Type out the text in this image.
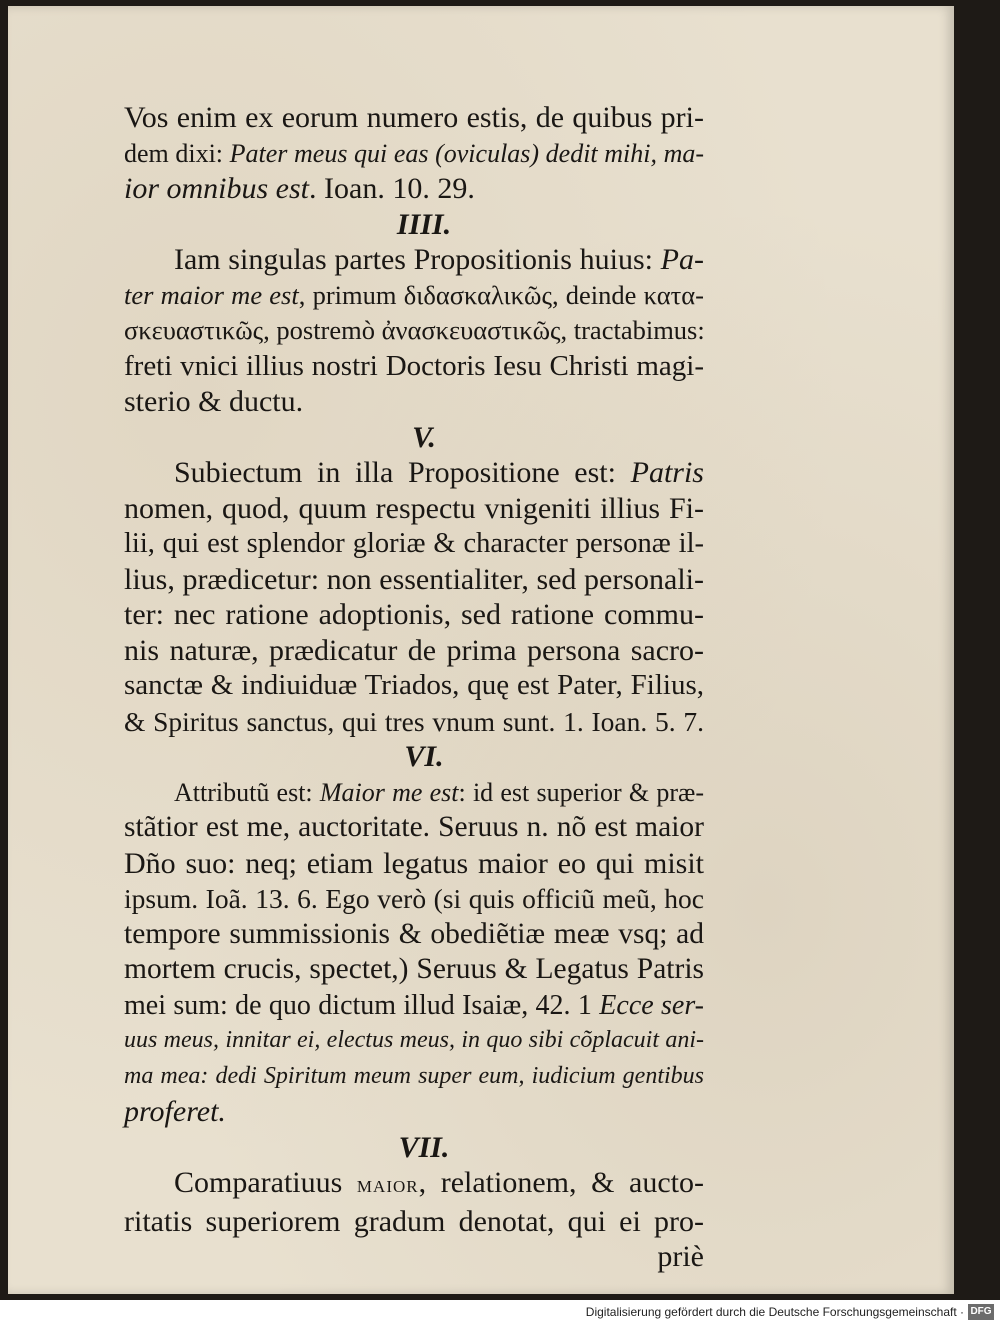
Vos enim ex eorum numero estis, de quibus pri-
dem dixi: Pater meus qui eas (oviculas) dedit mihi, ma-
ior omnibus est. Ioan. 10. 29.
IIII.
Iam singulas partes Propositionis huius: Pa-
ter maior me est, primum διδασκαλικῶς, deinde κατα-
σκευαστικῶς, postremò ἀνασκευαστικῶς, tractabimus:
freti vnici illius nostri Doctoris Iesu Christi magi-
sterio & ductu.
V.
Subiectum in illa Propositione est: Patris
nomen, quod, quum respectu vnigeniti illius Fi-
lii, qui est splendor gloriæ & character personæ il-
lius, prædicetur: non essentialiter, sed personali-
ter: nec ratione adoptionis, sed ratione commu-
nis naturæ, prædicatur de prima persona sacro-
sanctæ & indiuiduæ Triados, quę est Pater, Filius,
& Spiritus sanctus, qui tres vnum sunt. 1. Ioan. 5. 7.
VI.
Attributũ est: Maior me est: id est superior & præ-
stãtior est me, auctoritate. Seruus n. nõ est maior
Dño suo: neq; etiam legatus maior eo qui misit
ipsum. Ioã. 13. 6. Ego verò (si quis officiũ meũ, hoc
tempore summissionis & obediẽtiæ meæ vsq; ad
mortem crucis, spectet,) Seruus & Legatus Patris
mei sum: de quo dictum illud Isaiæ, 42. 1 Ecce ser-
uus meus, innitar ei, electus meus, in quo sibi cõplacuit ani-
ma mea: dedi Spiritum meum super eum, iudicium gentibus
proferet.
VII.
Comparatiuus maior, relationem, & aucto-
ritatis superiorem gradum denotat, qui ei pro-
priè
Digitalisierung gefördert durch die Deutsche Forschungsgemeinschaft · DFG
